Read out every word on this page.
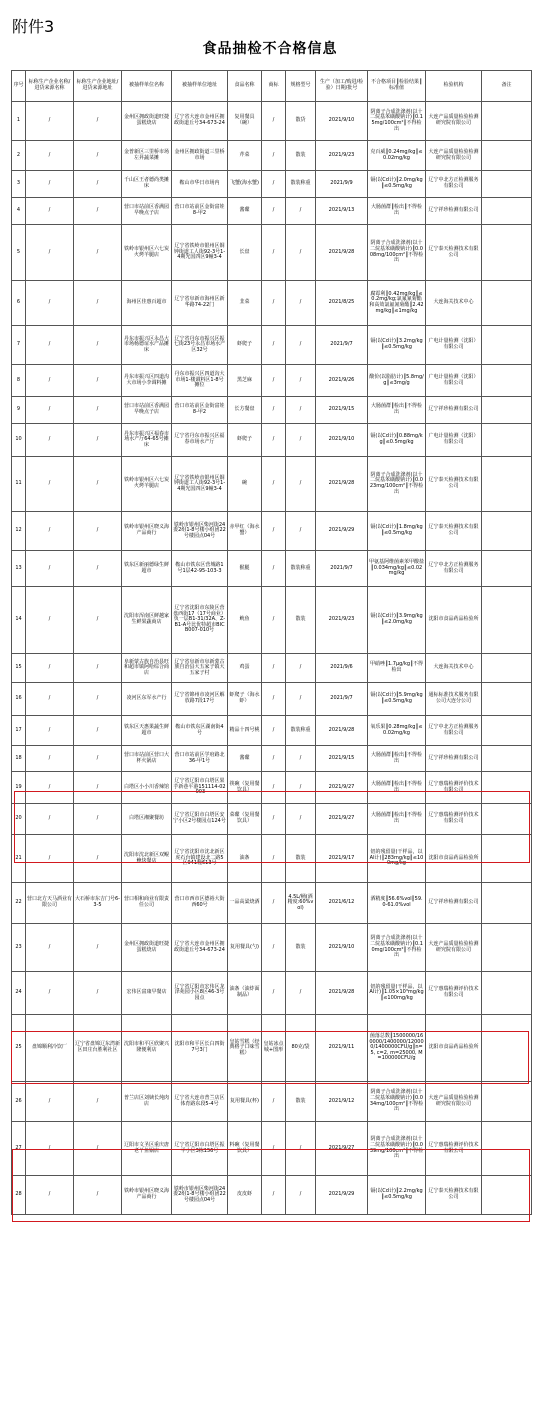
附件3
食品抽检不合格信息
序号	标称生产企业名称/进货来源名称	标称生产企业地址/进货来源地址	被抽样单位名称	被抽样单位地址	食品名称	商标	规格型号	生产（加工/购进/检验）日期/批号	不合格项目║检验结果║标准值	检验机构	备注
1	/	/	金州区拥政街道旺捷蛋糕烧店	辽宁省大连市金州区拥政街道丘号34-673-24	复用餐具（碗）	/	散货	2021/9/10	阴离子合成洗涤剂(以十二烷基苯磺酸钠计)║0.15mg/100cm²║不得检出	大连产品质量检验检测研究院有限公司	
2	/	/	金普新区三里桥市场左昇蔬菜摊	金州区拥政街道三里桥市场	芹菜	/	散装	2021/9/23	克百威║0.24mg/kg║≤0.02mg/kg	大连产品质量检验检测研究院有限公司	
3	/	/	千山区王者德尚类摊床	鞍山市华日市场内	飞蟹(海水蟹)	/	散装称重	2021/9/9	镉(以Cd计)║2.0mg/kg║≤0.5mg/kg	辽宁中北方正检测服务有限公司	
4	/	/	营口市站前区香满园早晚点子店	营口市站前区金街富娃8-甲2	酱碟	/	/	2021/9/13	大肠菌群║检出║不得检出	辽宁祥珍检测有限公司	
5	/	/	铁岭市银州区六七炭火烤羊腿店	辽宁省铁岭市银州区铜钟街道工人街92-3号1-4期光国四区9幢3-4	长盘	/	/	2021/9/28	阴离子合成洗涤剂(以十二烷基苯磺酸钠计)║0.008mg/100cm²║不得检出	辽宁泰天检测技术有限公司	
6	/	/	海州区佳惠百超市	辽宁省阜新市海州区新华路74-22门	韭菜	/	/	2021/8/25	腐霉利║0.42mg/kg║≤0.2mg/kg;氯氟氰菊酯和高效氯氟氰菊酯║2.42mg/kg║≤1mg/kg	大连海关技术中心	
7	/	/	丹东市振兴区永昌大市场杨德谊水产品摊床	辽宁省丹东市振兴区振七街23号永昌市场水产区32号	虾爬子	/	/	2021/9/7	镉(以Cd计)║3.2mg/kg║≤0.5mg/kg	广电计量检测（沈阳）有限公司	
8	/	/	丹东市振兴区四道沟大市场小李调料摊	丹东市振兴区四道沟大市场1-楼调料区1-8号摊位	黑芝麻	/	/	2021/9/26	酸价(以脂肪计)║5.8mg/g║≤3mg/g	广电计量检测（沈阳）有限公司	
9	/	/	营口市站前区香满园早晚点子店	营口市站前区金街富娃8-甲2	长方餐盘	/	/	2021/9/15	大肠菌群║检出║不得检出	辽宁祥珍检测有限公司	
10	/	/	丹东市振兴区福春市场水产厅64-65号摊床	辽宁省丹东市振兴区福春市场水产厅	虾爬子	/	/	2021/9/10	镉(以Cd计)║0.88mg/kg║≤0.5mg/kg	广电计量检测（沈阳）有限公司	
11	/	/	铁岭市银州区六七炭火烤羊腿店	辽宁省铁岭市银州区铜钟街道工人街92-3号1-4期光国四区9幢3-4	碗	/	/	2021/9/28	阴离子合成洗涤剂(以十二烷基苯磺酸钠计)║0.023mg/100cm²║不得检出	辽宁泰天检测技术有限公司	
12	/	/	铁岭市银州区晓义海产品商行	铁岭市银州区柴河街24委2组1-8号楼小组团22号楼园点04号	赤甲红（海水蟹）	/	/	2021/9/29	镉(以Cd计)║1.8mg/kg║≤0.5mg/kg	辽宁泰天检测技术有限公司	
13	/	/	铁东区新丽德绿生鲜超市	鞍山市铁东区营城路1号1层42-95-103-3	猴腿	/	散装称重	2021/9/7	甲氨基阿维菌素苯甲酸盐║0.034mg/kg║≤0.02mg/kg	辽宁中北方正检测服务有限公司	
14	/	/	沈阳市浑南区鲜越家生鲜果蔬商店	辽宁省沈阳市东陵区营盘西街17（17号商业）负一层B1-31/32A、Z-B1-A号比优特超市BICB007-010号	鱿鱼	/	散装	2021/9/23	镉(以Cd计)║3.9mg/kg║≤2.0mg/kg	沈阳市食品药品检验所	
15	/	/	阜新蒙古族自治县旺和超市镇阿哈综合商店	辽宁省阜新市阜新蒙古族自治县大五家子镇大五家子村	鸡蛋	/	/	2021/9/6	甲硝唑║1.7μg/kg║不得检出	大连海关技术中心	
16	/	/	凌河区东军水产行	辽宁省锦州市凌河区解放路7段17号	虾爬子（海水虾）	/	/	2021/9/7	镉(以Cd计)║5.9mg/kg║≤0.5mg/kg	通标标准技术服务有限公司大连分公司	
17	/	/	铁东区天惠果蔬生鲜超市	鞍山市铁东区湖南街4号	精品十四号桃	/	散装称重	2021/9/28	氧乐果║0.28mg/kg║≤0.02mg/kg	辽宁中北方正检测服务有限公司	
18	/	/	营口市站前区营口大杯火锅店	营口市站前区学府路北36-甲1号	酱碟	/	/	2021/9/15	大肠菌群║检出║不得检出	辽宁祥珍检测有限公司	
19	/	/	白塔区小小川香辣馆	辽宁省辽阳市白塔区果芋新巷平港151114-02-003	筷碗（复用餐饮具）	/	/	2021/9/27	大肠菌群║检出║不得检出	辽宁惠瑞检测评价技术有限公司	
20	/	/	白塔区湘聚餐坊	辽宁省辽阳市白塔区安宁小区2号楼园点124号	菜碟（复用餐饮具）	/	/	2021/9/27	大肠菌群║检出║不得检出	辽宁惠瑞检测评价技术有限公司	
21	/	/	沈阳市沈北新区双鲲鲍快餐店	辽宁省沈阳市沈北新区虎石台镇建设北二路5区941幢613号	油条	/	散装	2021/9/17	铝的残留量(干样品，以Al计)║283mg/kg║≤100mg/kg	沈阳市食品药品检验所	
22	营口北方天马酒业有限公司	大石桥市东吉门号6-3-5	营口相和商业有限责任公司	营口市西市区德裕大街西60号	一品高粱烧酒	/	4.5L/桶(酒精度:60%vol)	2021/6/12	酒精度║56.6%vol║59.0-61.0%vol	辽宁祥珍检测有限公司	
23	/	/	金州区拥政街道旺捷蛋糕烧店	辽宁省大连市金州区拥政街道丘号34-673-24	复用餐具(勺)	/	散装	2021/9/10	阴离子合成洗涤剂(以十二烷基苯磺酸钠计)║0.10mg/100cm²║不得检出	大连产品质量检验检测研究院有限公司	
24	/	/	宏伟区富康早餐店	辽宁省辽阳市宏伟区龙泽苑园小区8区46-3号园点	油条（油炸面制品）	/	/	2021/9/28	铝的残留量(干样品，以Al计)║1.05×10³mg/kg║≤100mg/kg	辽宁惠瑞检测评价技术有限公司	
25	盘锦顺利冷饮厂	辽宁省盘锦辽东湾新区田庄台胜利社区	沈阳市和平区欣聚兴隆便利店	沈阳市和平区长白四街7号3门	皇姑雪糕（经典格子口味雪糕）	皇姑冰点城+图形	80克/袋	2021/9/11	菌落总数║1500000/160000/1400000/120000/1400000CFU/g║n=5, c=2, m=25000, M=100000CFU/g	沈阳市食品药品检验所	
26	/	/	普兰店区刘姨长炖肉店	辽宁省大连市普兰店区体育路东段5-4号	复用餐具(杯)	/	散装	2021/9/12	阴离子合成洗涤剂(以十二烷基苯磺酸钠计)║0.034mg/100cm²║不得检出	大连产品质量检验检测研究院有限公司	
27	/	/	辽阳市文圣区重庆唐老丫鱼锅店	辽宁省辽阳市白塔区振平小区3栋156号	料碗（复用餐饮具）	/	/	2021/9/27	阴离子合成洗涤剂(以十二烷基苯磺酸钠计)║0.039mg/100cm²║不得检出	辽宁惠瑞检测评价技术有限公司	
28	/	/	铁岭市银州区晓义海产品商行	铁岭市银州区柴河街24委2组1-8号楼小组团22号楼园点04号	皮皮虾	/	/	2021/9/29	镉(以Cd计)║2.2mg/kg║≤0.5mg/kg	辽宁泰天检测技术有限公司	
